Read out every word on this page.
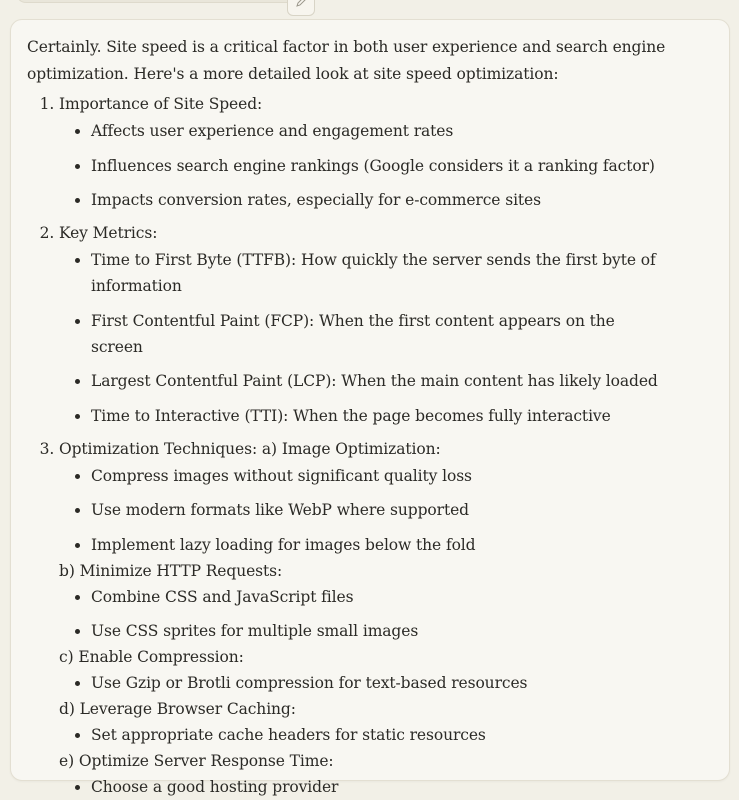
Certainly. Site speed is a critical factor in both user experience and search engine optimization. Here's a more detailed look at site speed optimization:

1. Importance of Site Speed:
• Affects user experience and engagement rates
• Influences search engine rankings (Google considers it a ranking factor)
• Impacts conversion rates, especially for e-commerce sites
2. Key Metrics:
• Time to First Byte (TTFB): How quickly the server sends the first byte of information
• First Contentful Paint (FCP): When the first content appears on the screen
• Largest Contentful Paint (LCP): When the main content has likely loaded
• Time to Interactive (TTI): When the page becomes fully interactive
3. Optimization Techniques: a) Image Optimization:
• Compress images without significant quality loss
• Use modern formats like WebP where supported
• Implement lazy loading for images below the fold
b) Minimize HTTP Requests:
• Combine CSS and JavaScript files
• Use CSS sprites for multiple small images
c) Enable Compression:
• Use Gzip or Brotli compression for text-based resources
d) Leverage Browser Caching:
• Set appropriate cache headers for static resources
e) Optimize Server Response Time:
• Choose a good hosting provider
